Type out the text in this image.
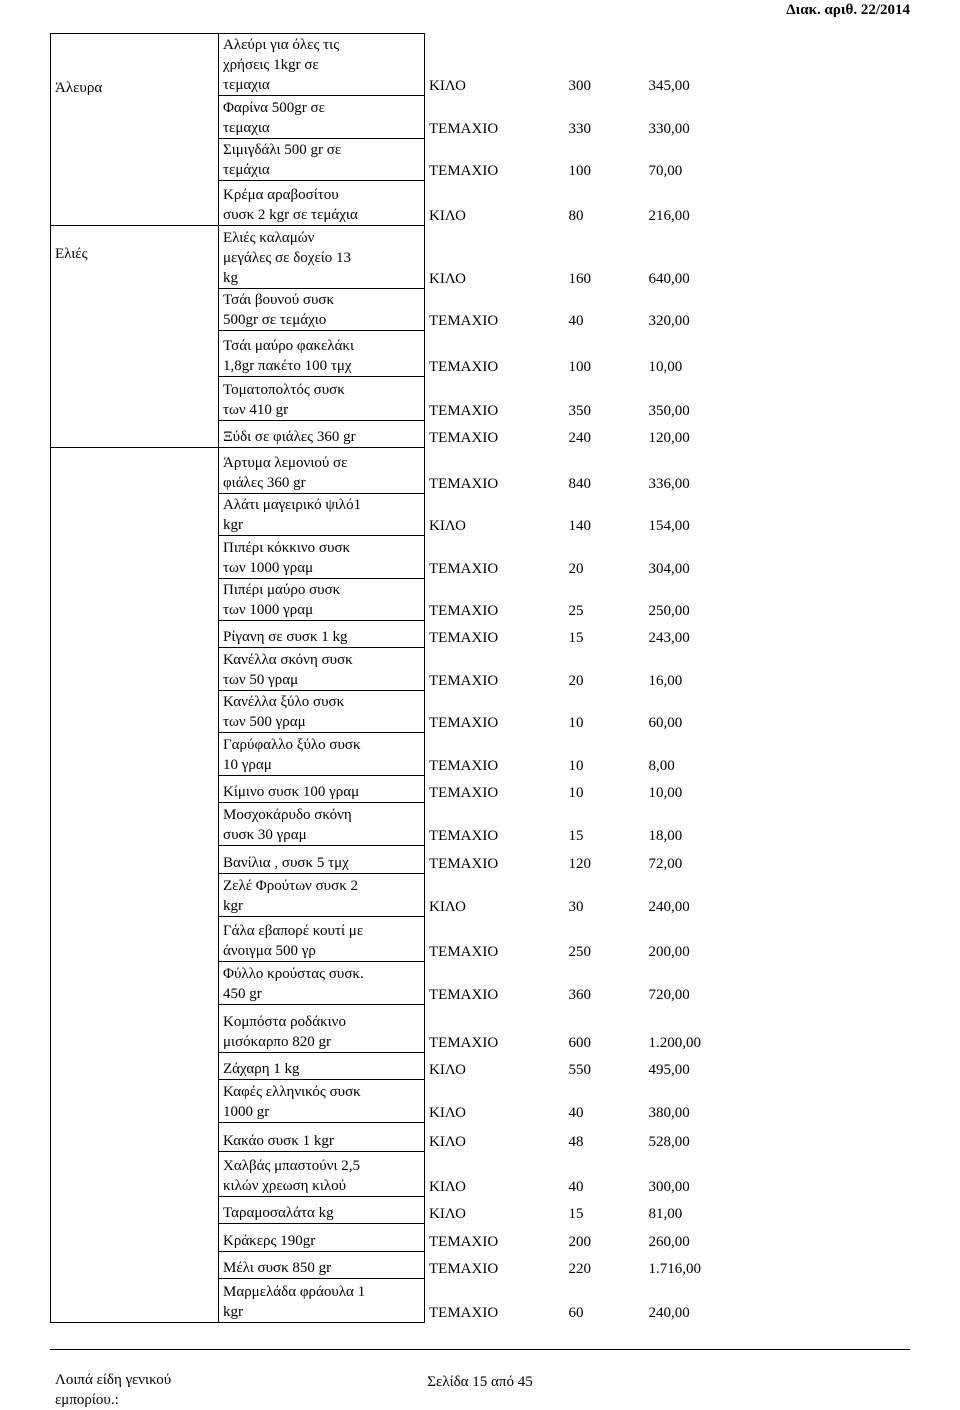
Διακ. αριθ. 22/2014
Άλευρα	Αλεύρι για όλες τις
χρήσεις 1kgr σε
τεμαχια	ΚΙΛΟ	300	345,00

	Φαρίνα 500gr σε
τεμαχια	ΤΕΜΑΧΙΟ	330	330,00

	Σιμιγδάλι 500 gr σε
τεμάχια	ΤΕΜΑΧΙΟ	100	70,00

	Κρέμα αραβοσίτου
συσκ 2 kgr σε τεμάχια	ΚΙΛΟ	80	216,00

Ελιές	Ελιές καλαμών
μεγάλες σε δοχείο 13
kg	ΚΙΛΟ	160	640,00

	Τσάι βουνού συσκ
500gr σε τεμάχιο	ΤΕΜΑΧΙΟ	40	320,00

	Τσάι μαύρο φακελάκι
1,8gr πακέτο 100 τμχ	ΤΕΜΑΧΙΟ	100	10,00

	Τοματοπολτός συσκ
των 410 gr	ΤΕΜΑΧΙΟ	350	350,00

	Ξύδι σε φιάλες 360 gr	ΤΕΜΑΧΙΟ	240	120,00

Λοιπά είδη γενικού εμπορίου.:	Άρτυμα λεμονιού σε
φιάλες 360 gr	ΤΕΜΑΧΙΟ	840	336,00

	Αλάτι μαγειρικό ψιλό1
kgr	ΚΙΛΟ	140	154,00

	Πιπέρι κόκκινο συσκ
των 1000 γραμ	ΤΕΜΑΧΙΟ	20	304,00

	Πιπέρι μαύρο συσκ
των 1000 γραμ	ΤΕΜΑΧΙΟ	25	250,00

	Ρίγανη σε συσκ 1 kg	ΤΕΜΑΧΙΟ	15	243,00

	Κανέλλα σκόνη συσκ
των 50 γραμ	ΤΕΜΑΧΙΟ	20	16,00

	Κανέλλα ξύλο συσκ
των 500 γραμ	ΤΕΜΑΧΙΟ	10	60,00

	Γαρύφαλλο ξύλο συσκ
10 γραμ	ΤΕΜΑΧΙΟ	10	8,00

	Κίμινο συσκ 100 γραμ	ΤΕΜΑΧΙΟ	10	10,00

	Μοσχοκάρυδο σκόνη
συσκ 30 γραμ	ΤΕΜΑΧΙΟ	15	18,00

	Βανίλια , συσκ 5 τμχ	ΤΕΜΑΧΙΟ	120	72,00

	Ζελέ Φρούτων συσκ 2
kgr	ΚΙΛΟ	30	240,00

	Γάλα εβαπορέ κουτί με
άνοιγμα 500 γρ	ΤΕΜΑΧΙΟ	250	200,00

	Φύλλο κρούστας συσκ.
450 gr	ΤΕΜΑΧΙΟ	360	720,00

	Κομπόστα ροδάκινο
μισόκαρπο 820 gr	ΤΕΜΑΧΙΟ	600	1.200,00

	Ζάχαρη 1 kg	ΚΙΛΟ	550	495,00

	Καφές ελληνικός συσκ
1000 gr	ΚΙΛΟ	40	380,00

	Κακάο συσκ 1 kgr	ΚΙΛΟ	48	528,00

	Χαλβάς μπαστούνι 2,5
κιλών χρεωση κιλού	ΚΙΛΟ	40	300,00

	Ταραμοσαλάτα kg	ΚΙΛΟ	15	81,00

	Κράκερς 190gr	ΤΕΜΑΧΙΟ	200	260,00

	Μέλι συσκ 850 gr	ΤΕΜΑΧΙΟ	220	1.716,00

	Μαρμελάδα φράουλα 1
kgr	ΤΕΜΑΧΙΟ	60	240,00
Σελίδα 15 από 45
